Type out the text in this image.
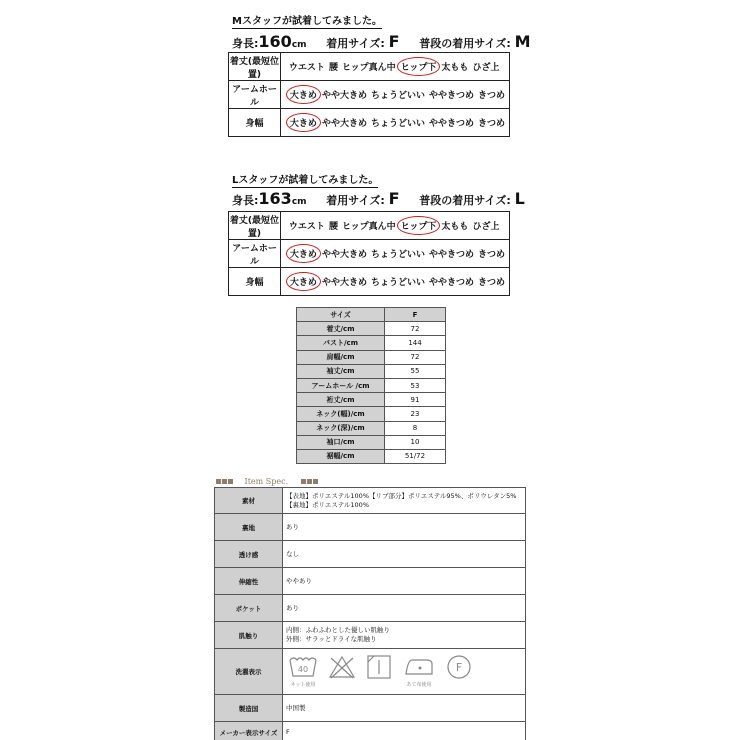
Mスタッフが試着してみました。
身長:160cm 着用サイズ: F 普段の着用サイズ: M
着丈(最短位置)	ウエスト 腰 ヒップ真ん中 ヒップ下 太もも ひざ上
アームホール	大きめ やや大きめ ちょうどいい ややきつめ きつめ
身幅	大きめ やや大きめ ちょうどいい ややきつめ きつめ
Lスタッフが試着してみました。
身長:163cm 着用サイズ: F 普段の着用サイズ: L
着丈(最短位置)	ウエスト 腰 ヒップ真ん中 ヒップ下 太もも ひざ上
アームホール	大きめ やや大きめ ちょうどいい ややきつめ きつめ
身幅	大きめ やや大きめ ちょうどいい ややきつめ きつめ
サイズ	F
着丈/cm	72
バスト/cm	144
肩幅/cm	72
袖丈/cm	55
アームホール /cm	53
裄丈/cm	91
ネック(幅)/cm	23
ネック(深)/cm	8
袖口/cm	10
裾幅/cm	51/72
Item Spec.
素材	【表地】ポリエステル100%【リブ部分】ポリエステル95%、ポリウレタン5%
【裏地】ポリエステル100%

裏地	あり

透け感	なし

伸縮性	ややあり

ポケット	あり

肌触り	内側：ふわふわとした優しい肌触り
外側：サラッとドライな肌触り

洗濯表示	40
ネット使用 あて布使用
F

製造国	中国製

メーカー表示サイズ	F
